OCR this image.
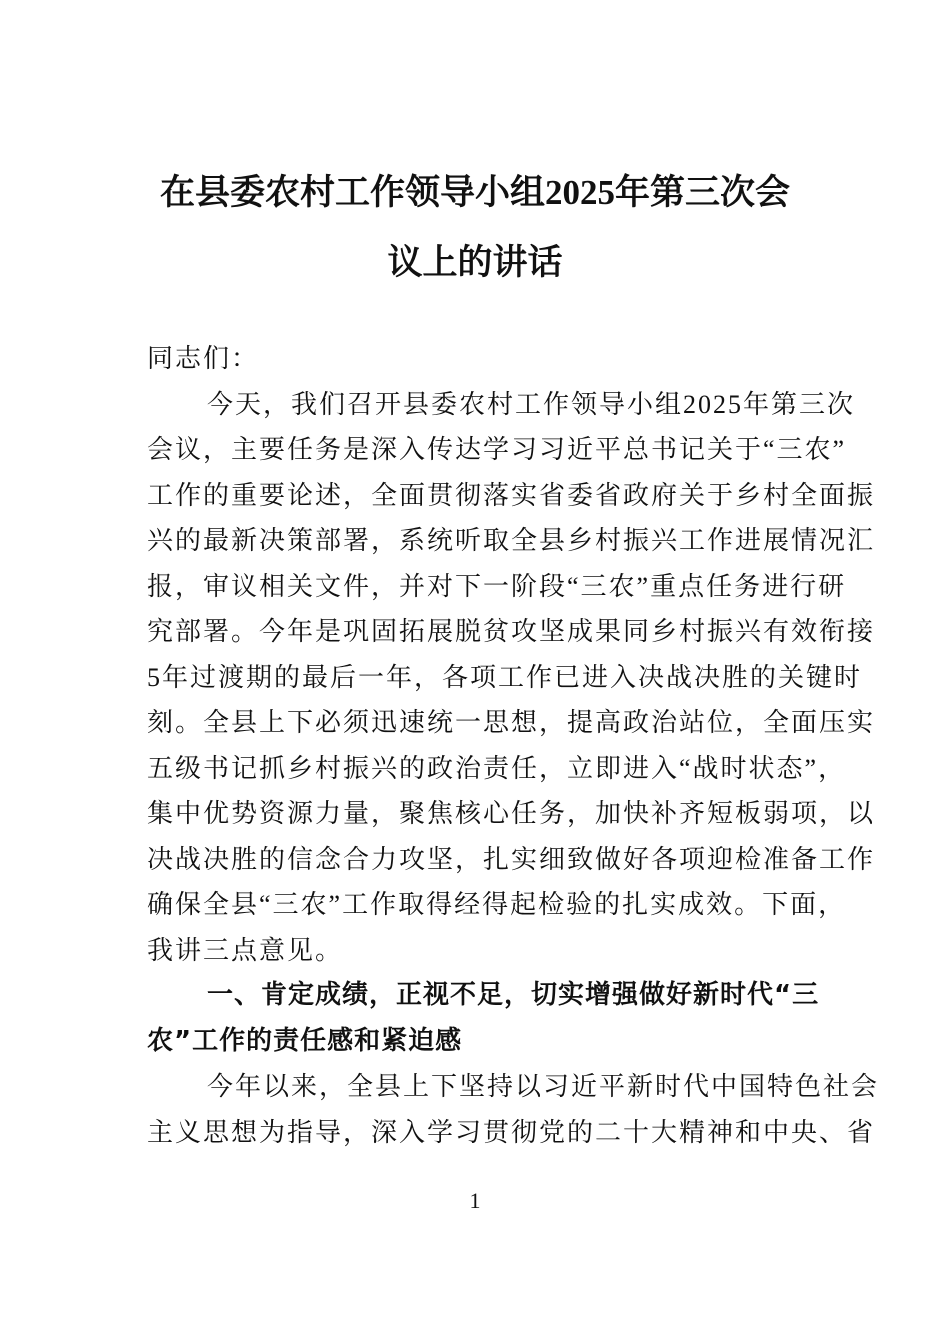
在县委农村工作领导小组2025年第三次会
议上的讲话
同志们：
今天，我们召开县委农村工作领导小组2025年第三次
会议，主要任务是深入传达学习习近平总书记关于“三农”
工作的重要论述，全面贯彻落实省委省政府关于乡村全面振
兴的最新决策部署，系统听取全县乡村振兴工作进展情况汇
报，审议相关文件，并对下一阶段“三农”重点任务进行研
究部署。今年是巩固拓展脱贫攻坚成果同乡村振兴有效衔接
5年过渡期的最后一年，各项工作已进入决战决胜的关键时
刻。全县上下必须迅速统一思想，提高政治站位，全面压实
五级书记抓乡村振兴的政治责任，立即进入“战时状态”，
集中优势资源力量，聚焦核心任务，加快补齐短板弱项，以
决战决胜的信念合力攻坚，扎实细致做好各项迎检准备工作
确保全县“三农”工作取得经得起检验的扎实成效。下面，
我讲三点意见。
一、肯定成绩，正视不足，切实增强做好新时代“三
农”工作的责任感和紧迫感
今年以来，全县上下坚持以习近平新时代中国特色社会
主义思想为指导，深入学习贯彻党的二十大精神和中央、省
1
